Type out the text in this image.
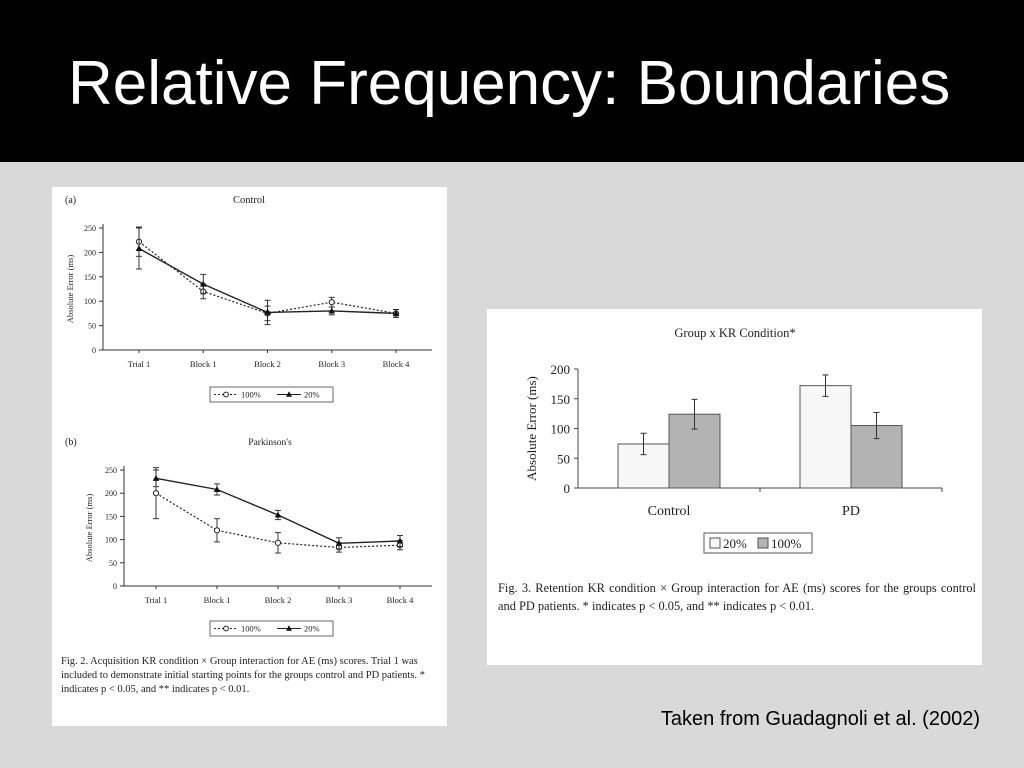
Relative Frequency: Boundaries
(a)	Control
0
50
100
150
200
250
Trial 1	Block 1	Block 2	Block 3	Block 4
Absolute Error (ms)
100%	20%
(b)	Parkinson's
0
50
100
150
200
250
Trial 1	Block 1	Block 2	Block 3	Block 4
Absolute Error (ms)
100%	20%

Fig. 2. Acquisition KR condition × Group interaction for AE (ms) scores. Trial 1 was included to demonstrate initial starting points for the groups control and PD patients. * indicates p < 0.05, and ** indicates p < 0.01.

Group x KR Condition*
0
50
100
150
200
Absolute Error (ms)
Control	PD
20% 100%

Fig. 3. Retention KR condition × Group interaction for AE (ms) scores for the groups control and PD patients. * indicates p < 0.05, and ** indicates p < 0.01.

Taken from Guadagnoli et al. (2002)
